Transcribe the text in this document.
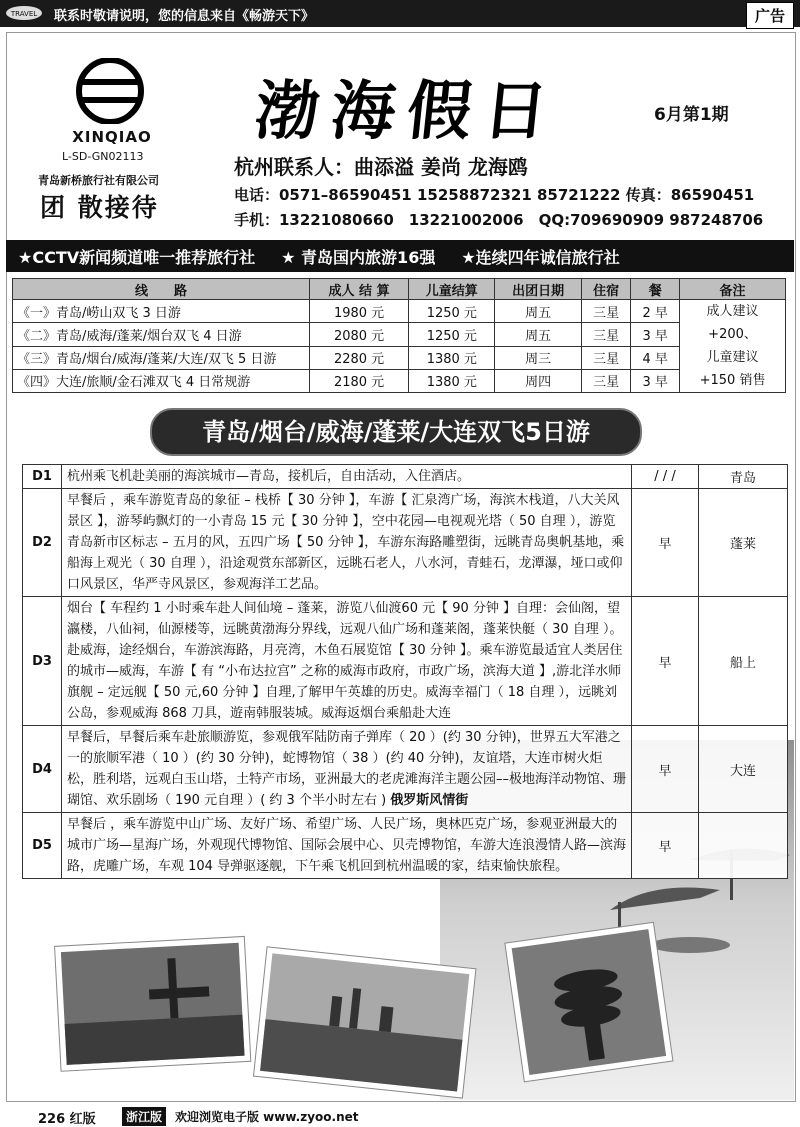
TRAVEL 联系时敬请说明，您的信息来自《畅游天下》	广告
XINQIAO
L-SD-GN02113
青岛新桥旅行社有限公司
团 散接待
渤海假日	6月第1期
杭州联系人：曲添溢 姜尚 龙海鸥
电话：0571–86590451 15258872321 85721222 传真：86590451
手机：13221080660　13221002006　QQ:709690909 987248706
★CCTV新闻频道唯一推荐旅行社 ★ 青岛国内旅游16强 ★连续四年诚信旅行社
线　　路	成人 结 算	儿童结算	出团日期	住宿	餐	备注
《一》青岛/崂山双飞 3 日游	1980 元	1250 元	周五	三星	2 早	成人建议
+200、
儿童建议
+150 销售

《二》青岛/威海/蓬莱/烟台双飞 4 日游	2080 元	1250 元	周五	三星	3 早	
《三》青岛/烟台/威海/蓬莱/大连/双飞 5 日游	2280 元	1380 元	周三	三星	4 早	
《四》大连/旅顺/金石滩双飞 4 日常规游	2180 元	1380 元	周四	三星	3 早	
青岛/烟台/威海/蓬莱/大连双飞5日游
D1	杭州乘飞机赴美丽的海滨城市—青岛，接机后，自由活动，入住酒店。	/ / /	青岛
D2	早餐后 ，乘车游览青岛的象征 – 栈桥【 30 分钟 】，车游【 汇泉湾广场，海滨木栈道，八大关风景区 】，游琴屿飘灯的一小青岛 15 元【 30 分钟 】，空中花园—电视观光塔（ 50 自理 ），游览青岛新市区标志 – 五月的风，五四广场【 50 分钟 】，车游东海路雕塑街，远眺青岛奥帆基地，乘船海上观光（ 30 自理 ），沿途观赏东部新区，远眺石老人，八水河，青蛙石，龙潭瀑，垭口或仰口风景区，华严寺风景区，参观海洋工艺品。	早	蓬莱
D3	烟台【 车程约 1 小时乘车赴人间仙境 – 蓬莱，游览八仙渡60 元【 90 分钟 】自理：会仙阁，望瀛楼，八仙祠，仙源楼等，远眺黄渤海分界线，远观八仙广场和蓬莱阁，蓬莱快艇（ 30 自理 ）。赴威海，途经烟台，车游滨海路，月亮湾，木鱼石展览馆【 30 分钟 】。乘车游览最适宜人类居住的城市—威海，车游【 有 “小布达拉宫” 之称的威海市政府，市政广场，滨海大道 】,游北洋水师旗舰 – 定远舰【 50 元,60 分钟 】自理,了解甲午英雄的历史。威海幸福门（ 18 自理 ），远眺刘公岛，参观威海 868 刀具，遊南韩服装城。威海返烟台乘船赴大连	早	船上
D4	早餐后，早餐后乘车赴旅顺游览，参观俄军陆防南子弹库（ 20 ）(约 30 分钟)，世界五大军港之一的旅顺军港（ 10 ）(约 30 分钟)，蛇博物馆（ 38 ）(约 40 分钟)，友谊塔，大连市树火炬松，胜利塔，远观白玉山塔，土特产市场，亚洲最大的老虎滩海洋主题公园––极地海洋动物馆、珊瑚馆、欢乐剧场（ 190 元自理 ）( 约 3 个半小时左右 ) 俄罗斯风情街	早	大连
D5	早餐后 ，乘车游览中山广场、友好广场、希望广场、人民广场，奥林匹克广场，参观亚洲最大的城市广场—星海广场，外观现代博物馆、国际会展中心、贝壳博物馆，车游大连浪漫情人路—滨海路，虎雕广场，车观 104 导弹驱逐舰，下午乘飞机回到杭州温暖的家，结束愉快旅程。	早	
226 红版	浙江版	欢迎浏览电子版 www.zyoo.net
